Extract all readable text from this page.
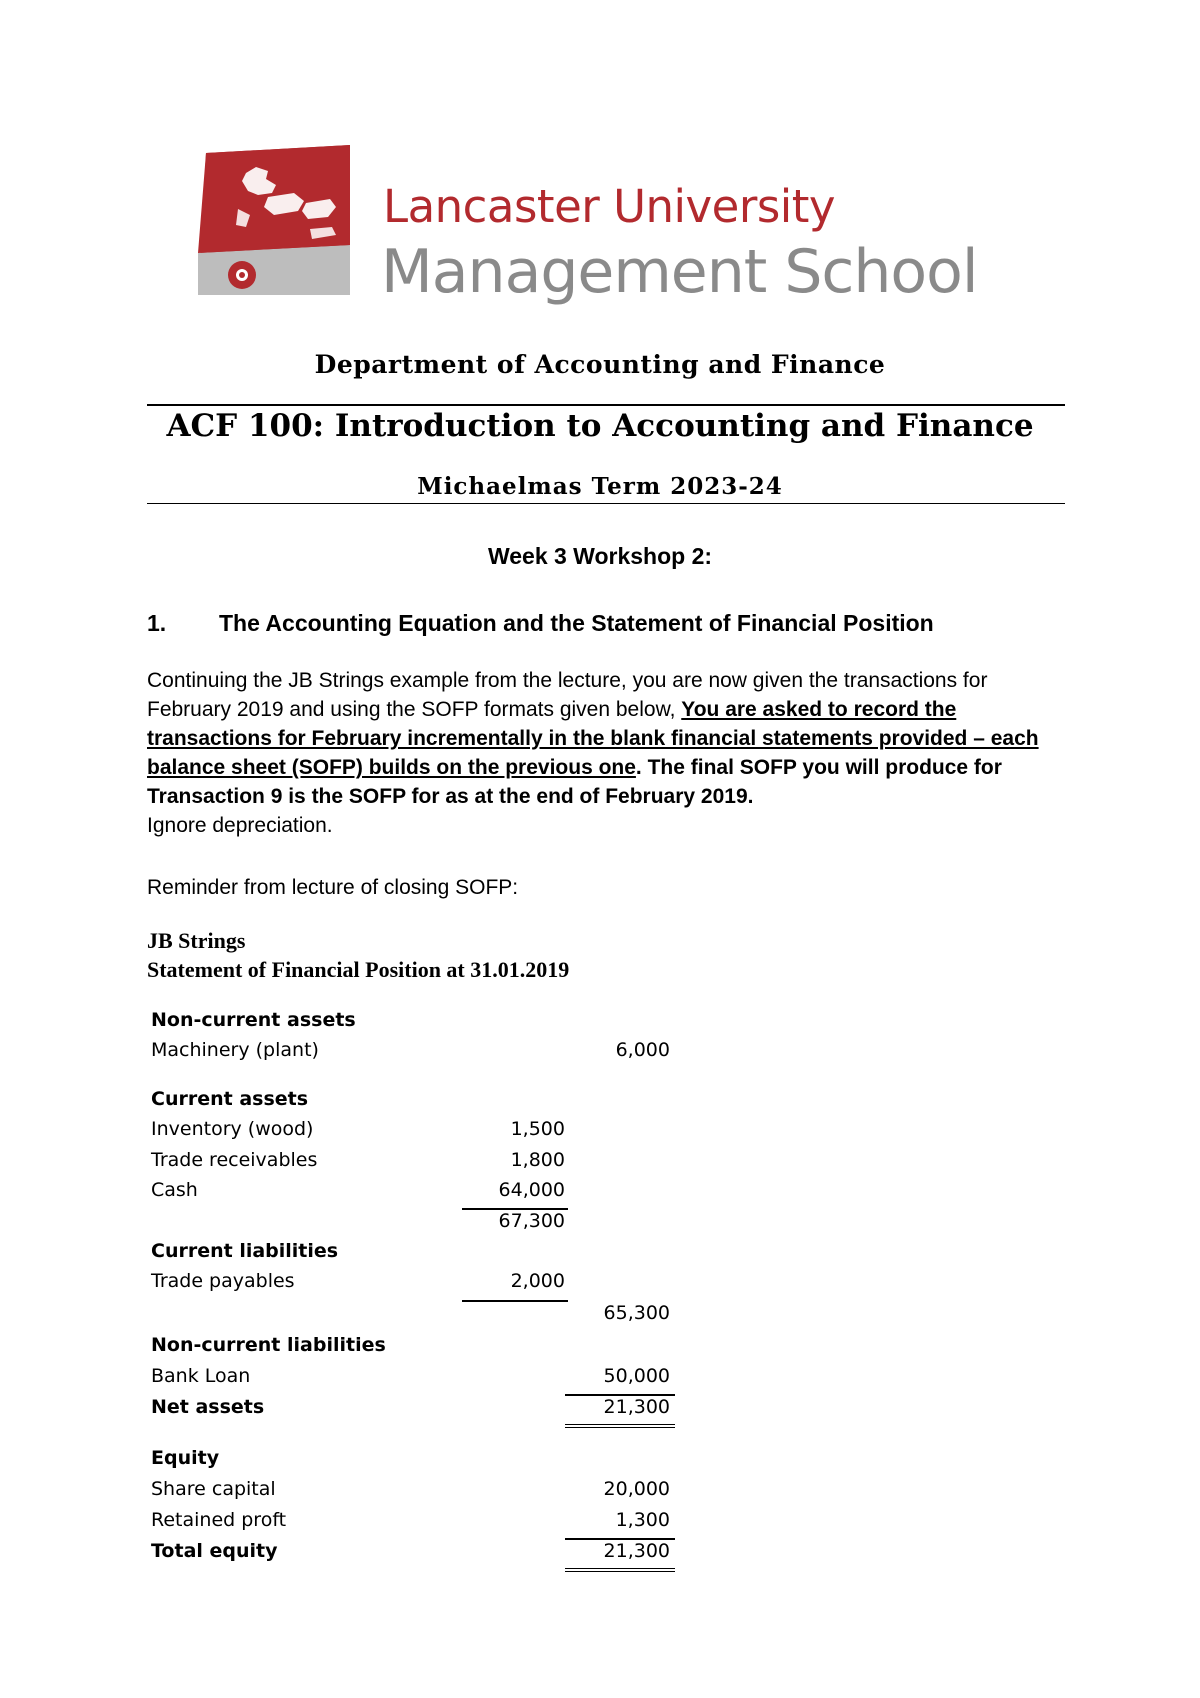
Lancaster University
Management School
Department of Accounting and Finance
ACF 100: Introduction to Accounting and Finance
Michaelmas Term 2023-24
Week 3 Workshop 2:
1. The Accounting Equation and the Statement of Financial Position

Continuing the JB Strings example from the lecture, you are now given the transactions for

February 2019 and using the SOFP formats given below, You are asked to record the

transactions for February incrementally in the blank financial statements provided – each

balance sheet (SOFP) builds on the previous one. The final SOFP you will produce for

Transaction 9 is the SOFP for as at the end of February 2019.

Ignore depreciation.

Reminder from lecture of closing SOFP:
JB Strings
Statement of Financial Position at 31.01.2019
Non-current assets
Machinery (plant)	6,000
Current assets
Inventory (wood)	1,500
Trade receivables	1,800
Cash	64,000
67,300
Current liabilities
Trade payables	2,000
65,300
Non-current liabilities
Bank Loan	50,000
Net assets	21,300
Equity
Share capital	20,000
Retained proft	1,300
Total equity	21,300
